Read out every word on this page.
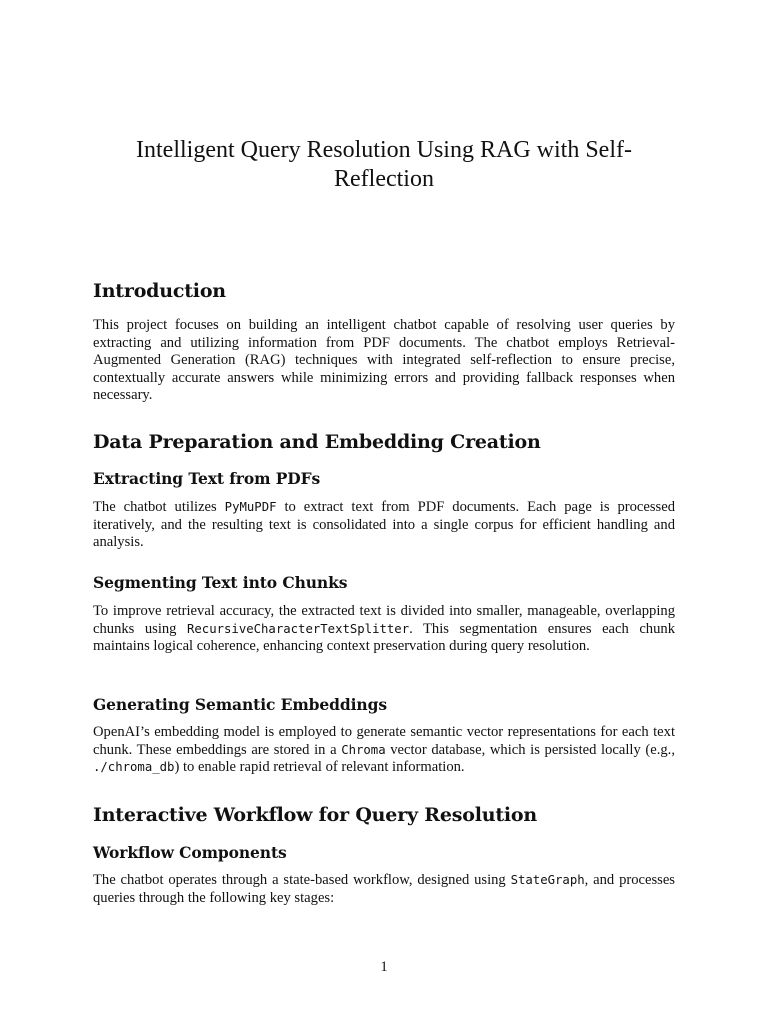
Intelligent Query Resolution Using RAG with Self-Reflection
Introduction

This project focuses on building an intelligent chatbot capable of resolving user queries by extracting and utilizing information from PDF documents. The chatbot employs Retrieval-Augmented Generation (RAG) techniques with integrated self-reflection to ensure precise, contextually accurate answers while minimizing errors and providing fallback responses when necessary.

Data Preparation and Embedding Creation
Extracting Text from PDFs

The chatbot utilizes PyMuPDF to extract text from PDF documents. Each page is processed iteratively, and the resulting text is consolidated into a single corpus for efficient handling and analysis.

Segmenting Text into Chunks

To improve retrieval accuracy, the extracted text is divided into smaller, manageable, overlapping chunks using RecursiveCharacterTextSplitter. This segmentation ensures each chunk maintains logical coherence, enhancing context preservation during query resolution.

Generating Semantic Embeddings

OpenAI’s embedding model is employed to generate semantic vector representations for each text chunk. These embeddings are stored in a Chroma vector database, which is persisted locally (e.g., ./chroma_db) to enable rapid retrieval of relevant information.

Interactive Workflow for Query Resolution
Workflow Components

The chatbot operates through a state-based workflow, designed using StateGraph, and processes queries through the following key stages:

1
